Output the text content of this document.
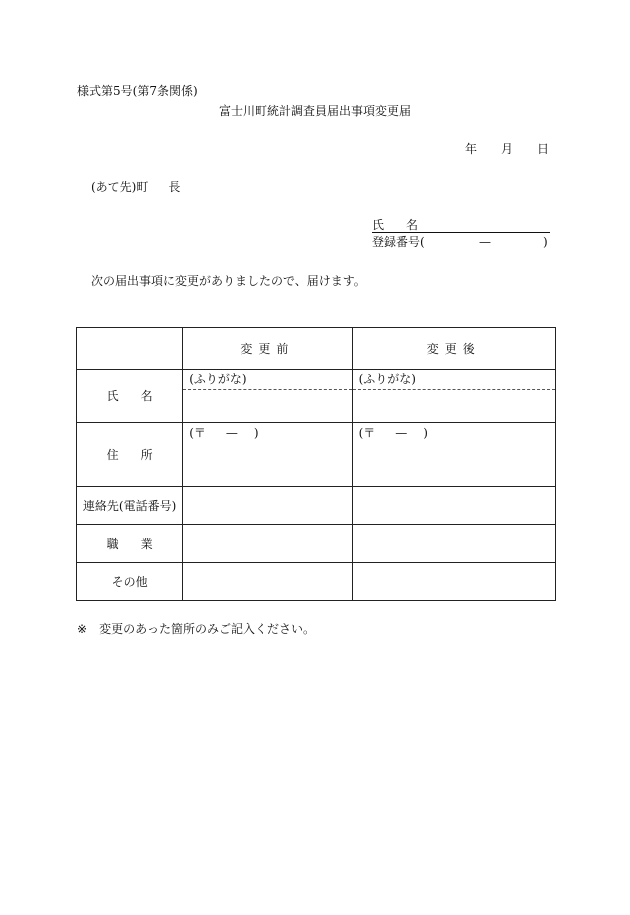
様式第5号(第7条関係)
富士川町統計調査員届出事項変更届
年 月 日
(あて先)町 長
氏 名
登録番号(	—	)
次の届出事項に変更がありましたので、届けます。
	変更前	変更後
氏 名	(ふりがな)	(ふりがな)

住 所	(〒 — )	(〒 — )

連絡先(電話番号)		
職 業		
その他		
※ 変更のあった箇所のみご記入ください。
